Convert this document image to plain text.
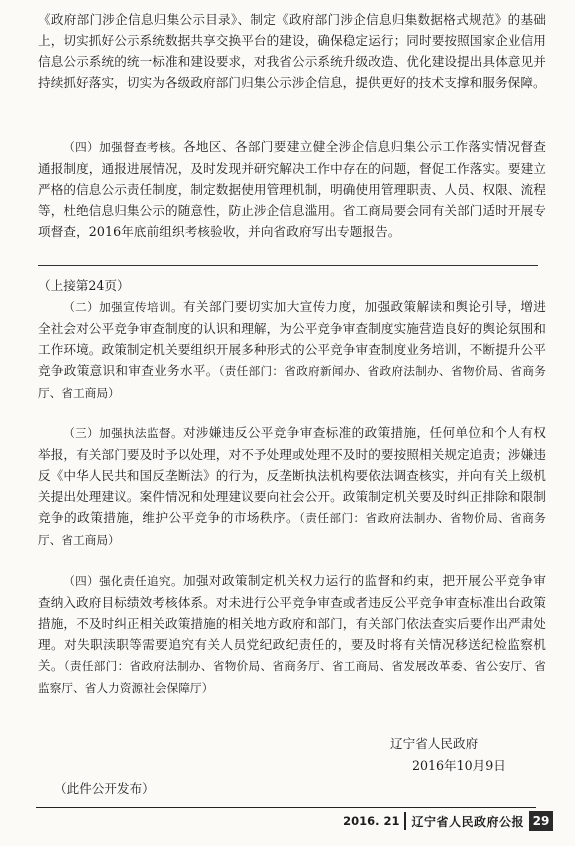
《政府部门涉企信息归集公示目录》、制定《政府部门涉企信息归集数据格式规范》的基础上，切实抓好公示系统数据共享交换平台的建设，确保稳定运行；同时要按照国家企业信用信息公示系统的统一标准和建设要求，对我省公示系统升级改造、优化建设提出具体意见并持续抓好落实，切实为各级政府部门归集公示涉企信息，提供更好的技术支撑和服务保障。

（四）加强督查考核。各地区、各部门要建立健全涉企信息归集公示工作落实情况督查通报制度，通报进展情况，及时发现并研究解决工作中存在的问题，督促工作落实。要建立严格的信息公示责任制度，制定数据使用管理机制，明确使用管理职责、人员、权限、流程等，杜绝信息归集公示的随意性，防止涉企信息滥用。省工商局要会同有关部门适时开展专项督查，2016年底前组织考核验收，并向省政府写出专题报告。

（上接第24页）

（二）加强宣传培训。有关部门要切实加大宣传力度，加强政策解读和舆论引导，增进全社会对公平竞争审查制度的认识和理解，为公平竞争审查制度实施营造良好的舆论氛围和工作环境。政策制定机关要组织开展多种形式的公平竞争审查制度业务培训，不断提升公平竞争政策意识和审查业务水平。（责任部门：省政府新闻办、省政府法制办、省物价局、省商务厅、省工商局）

（三）加强执法监督。对涉嫌违反公平竞争审查标准的政策措施，任何单位和个人有权举报，有关部门要及时予以处理，对不予处理或处理不及时的要按照相关规定追责；涉嫌违反《中华人民共和国反垄断法》的行为，反垄断执法机构要依法调查核实，并向有关上级机关提出处理建议。案件情况和处理建议要向社会公开。政策制定机关要及时纠正排除和限制竞争的政策措施，维护公平竞争的市场秩序。（责任部门：省政府法制办、省物价局、省商务厅、省工商局）

（四）强化责任追究。加强对政策制定机关权力运行的监督和约束，把开展公平竞争审查纳入政府目标绩效考核体系。对未进行公平竞争审查或者违反公平竞争审查标准出台政策措施，不及时纠正相关政策措施的相关地方政府和部门，有关部门依法查实后要作出严肃处理。对失职渎职等需要追究有关人员党纪政纪责任的，要及时将有关情况移送纪检监察机关。（责任部门：省政府法制办、省物价局、省商务厅、省工商局、省发展改革委、省公安厅、省监察厅、省人力资源社会保障厅）

辽宁省人民政府

2016年10月9日

（此件公开发布）

2016. 21 辽宁省人民政府公报 29
